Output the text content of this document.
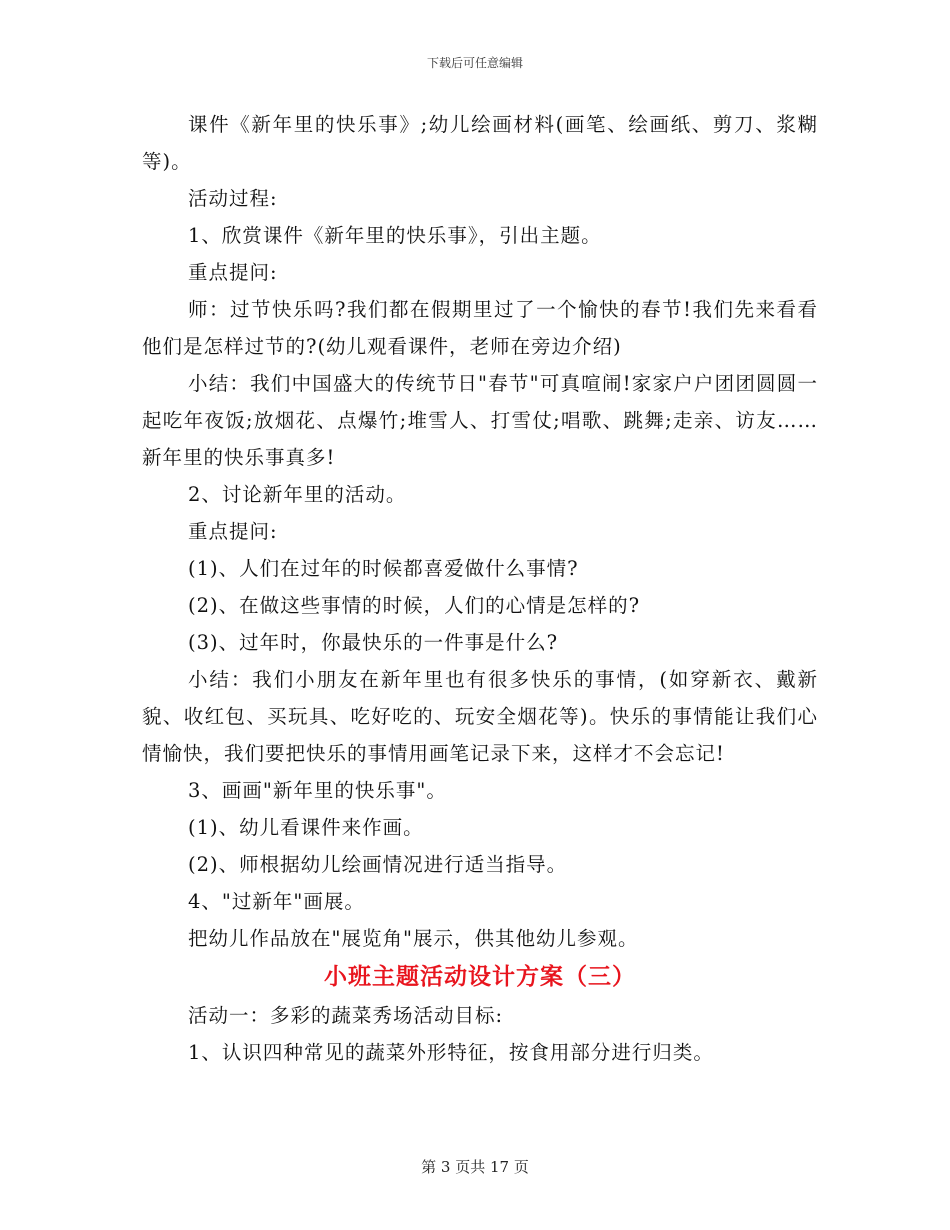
下载后可任意编辑

课件《新年里的快乐事》;幼儿绘画材料(画笔、绘画纸、剪刀、浆糊等)。

活动过程:

1、欣赏课件《新年里的快乐事》，引出主题。

重点提问:

师：过节快乐吗?我们都在假期里过了一个愉快的春节!我们先来看看他们是怎样过节的?(幼儿观看课件，老师在旁边介绍)

小结：我们中国盛大的传统节日"春节"可真喧闹!家家户户团团圆圆一起吃年夜饭;放烟花、点爆竹;堆雪人、打雪仗;唱歌、跳舞;走亲、访友……新年里的快乐事真多!

2、讨论新年里的活动。

重点提问:

(1)、人们在过年的时候都喜爱做什么事情?

(2)、在做这些事情的时候，人们的心情是怎样的?

(3)、过年时，你最快乐的一件事是什么?

小结：我们小朋友在新年里也有很多快乐的事情，(如穿新衣、戴新貌、收红包、买玩具、吃好吃的、玩安全烟花等)。快乐的事情能让我们心情愉快，我们要把快乐的事情用画笔记录下来，这样才不会忘记!

3、画画"新年里的快乐事"。

(1)、幼儿看课件来作画。

(2)、师根据幼儿绘画情况进行适当指导。

4、"过新年"画展。

把幼儿作品放在"展览角"展示，供其他幼儿参观。

小班主题活动设计方案（三）

活动一：多彩的蔬菜秀场活动目标:

1、认识四种常见的蔬菜外形特征，按食用部分进行归类。

第 3 页共 17 页
